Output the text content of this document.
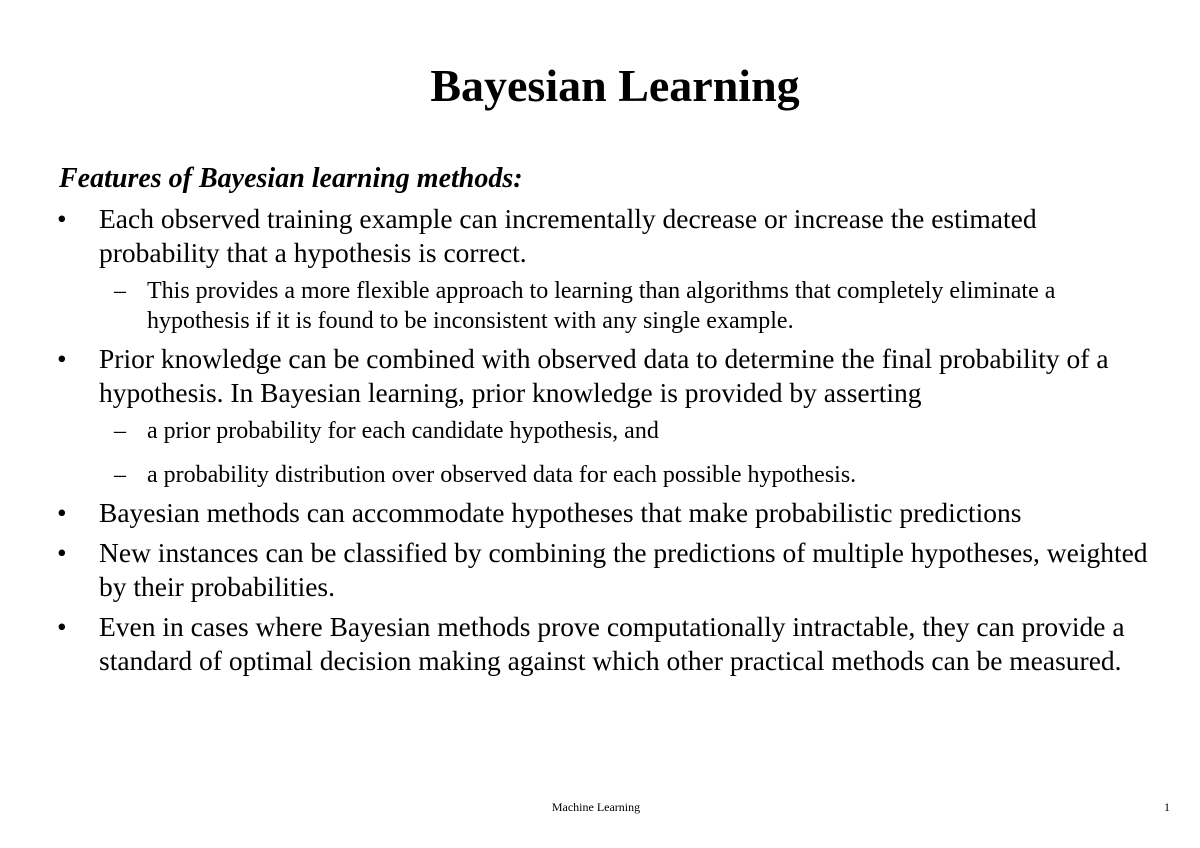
Bayesian Learning
Features of Bayesian learning methods:
• Each observed training example can incrementally decrease or increase the estimated probability that a hypothesis is correct.
– This provides a more flexible approach to learning than algorithms that completely eliminate a hypothesis if it is found to be inconsistent with any single example.
• Prior knowledge can be combined with observed data to determine the final probability of a hypothesis. In Bayesian learning, prior knowledge is provided by asserting
– a prior probability for each candidate hypothesis, and
– a probability distribution over observed data for each possible hypothesis.
• Bayesian methods can accommodate hypotheses that make probabilistic predictions
• New instances can be classified by combining the predictions of multiple hypotheses, weighted by their probabilities.
• Even in cases where Bayesian methods prove computationally intractable, they can provide a standard of optimal decision making against which other practical methods can be measured.
Machine Learning	1
